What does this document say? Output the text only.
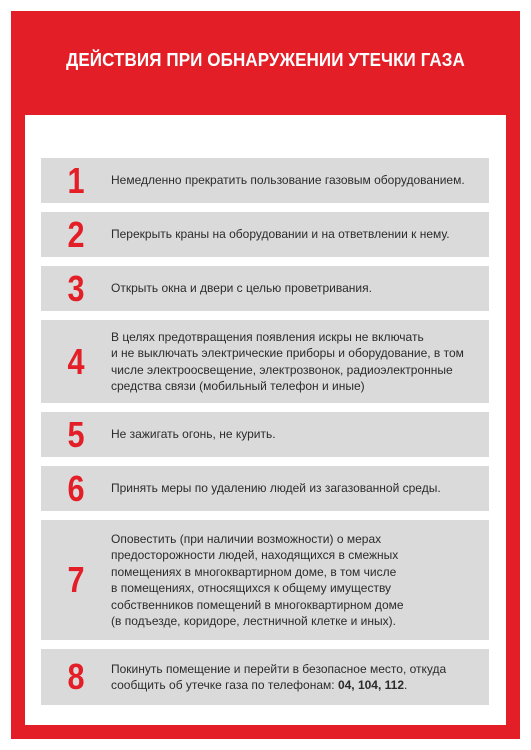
ДЕЙСТВИЯ ПРИ ОБНАРУЖЕНИИ УТЕЧКИ ГАЗА
1	Немедленно прекратить пользование газовым оборудованием.
2	Перекрыть краны на оборудовании и на ответвлении к нему.
3	Открыть окна и двери с целью проветривания.
4
В целях предотвращения появления искры не включать
и не выключать электрические приборы и оборудование, в том
числе электроосвещение, электрозвонок, радиоэлектронные
средства связи (мобильный телефон и иные)
5	Не зажигать огонь, не курить.
6	Принять меры по удалению людей из загазованной среды.
7
Оповестить (при наличии возможности) о мерах
предосторожности людей, находящихся в смежных
помещениях в многоквартирном доме, в том числе
в помещениях, относящихся к общему имуществу
собственников помещений в многоквартирном доме
(в подъезде, коридоре, лестничной клетке и иных).
8	Покинуть помещение и перейти в безопасное место, откуда
сообщить об утечке газа по телефонам: 04, 104, 112.
